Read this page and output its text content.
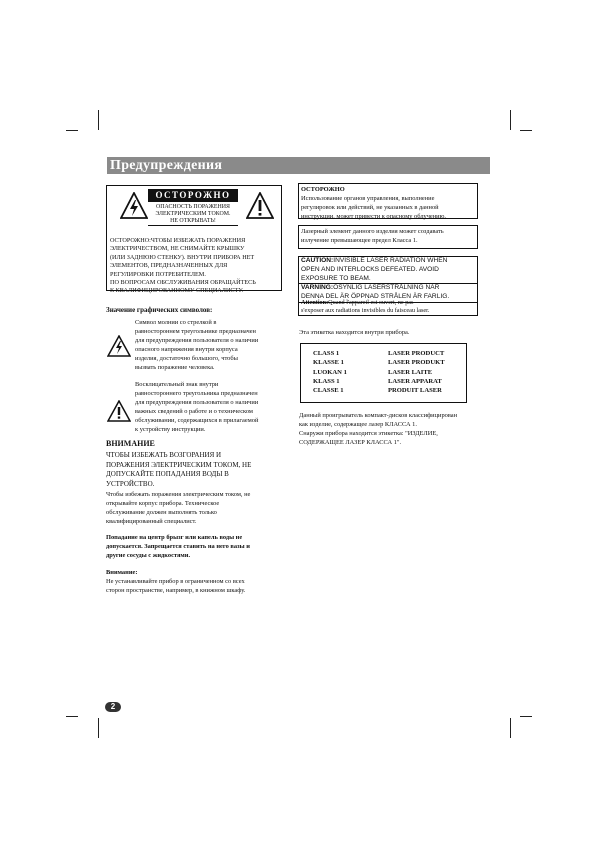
Предупреждения
ОСТОРОЖНО
ОПАСНОСТЬ ПОРАЖЕНИЯ
ЭЛЕКТРИЧЕСКИМ ТОКОМ.
НЕ ОТКРЫВАТЬ!
ОСТОРОЖНО:ЧТОБЫ ИЗБЕЖАТЬ ПОРАЖЕНИЯ
ЭЛЕКТРИЧЕСТВОМ, НЕ СНИМАЙТЕ КРЫШКУ
(ИЛИ ЗАДНЮЮ СТЕНКУ). ВНУТРИ ПРИБОРА НЕТ
ЭЛЕМЕНТОВ, ПРЕДНАЗНАЧЕННЫХ ДЛЯ
РЕГУЛИРОВКИ ПОТРЕБИТЕЛЕМ.
ПО ВОПРОСАМ ОБСЛУЖИВАНИЯ ОБРАЩАЙТЕСЬ
К КВАЛИФИЦИРОВАННОМУ СПЕЦИАЛИСТУ.
Значение графических символов:
Символ молнии со стрелкой в
равностороннем треугольнике предназначен
для предупреждения пользователя о наличии
опасного напряжения внутри корпуса
изделия, достаточно большого, чтобы
вызвать поражение человека.
Восклицательный знак внутри
равностороннего треугольника предназначен
для предупреждения пользователя о наличии
важных сведений о работе и о техническом
обслуживании, содержащихся в прилагаемой
к устройству инструкции.
ВНИМАНИЕ
ЧТОБЫ ИЗБЕЖАТЬ ВОЗГОРАНИЯ И
ПОРАЖЕНИЯ ЭЛЕКТРИЧЕСКИМ ТОКОМ, НЕ
ДОПУСКАЙТЕ ПОПАДАНИЯ ВОДЫ В
УСТРОЙСТВО.
Чтобы избежать поражения электрическим током, не
открывайте корпус прибора. Техническое
обслуживание должен выполнять только
квалифицированный специалист.
Попадание на центр брызг или капель воды не
допускается. Запрещается ставить на него вазы и
другие сосуды с жидкостями.
Внимание:
Не устанавливайте прибор в ограниченном со всех
сторон пространстве, например, в книжном шкафу.
ОСТОРОЖНО
Использование органов управления, выполнение
регулировок или действий, не указанных в данной
инструкции, может привести к опасному облучению.
Лазерный элемент данного изделия может создавать
излучение превышающее предел Класса 1.
CAUTION:INVISIBLE LASER RADIATION WHEN
OPEN AND INTERLOCKS DEFEATED. AVOID
EXPOSURE TO BEAM.
VARNING:OSYNLIG LASERSTRÅLNING NÄR
DENNA DEL ÄR ÖPPNAD STRÅLEN ÄR FARLIG.
Attention:Quand l'appareil est ouvert, ne pas
s'exposer aux radiations invisibles du faisceau laser.
Эта этикетка находится внутри прибора.
CLASS 1	LASER PRODUCT
KLASSE 1	LASER PRODUKT
LUOKAN 1	LASER LAITE
KLASS 1	LASER APPARAT
CLASSE 1	PRODUIT LASER
Данный проигрыватель компакт-дисков классифицирован
как изделие, содержащее лазер КЛАССА 1.
Снаружи прибора находится этикетка: "ИЗДЕЛИЕ,
СОДЕРЖАЩЕЕ ЛАЗЕР КЛАССА 1".
2
